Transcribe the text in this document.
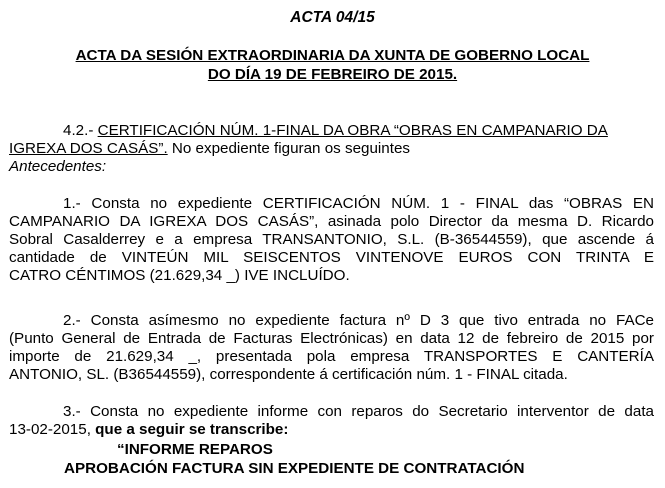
ACTA 04/15
ACTA DA SESIÓN EXTRAORDINARIA DA XUNTA DE GOBERNO LOCAL
DO DÍA 19 DE FEBREIRO DE 2015.
4.2.- CERTIFICACIÓN NÚM. 1-FINAL DA OBRA “OBRAS EN CAMPANARIO DA
IGREXA DOS CASÁS”. No expediente figuran os seguintes
Antecedentes:
1.- Consta no expediente CERTIFICACIÓN NÚM. 1 - FINAL das “OBRAS EN
CAMPANARIO DA IGREXA DOS CASÁS”, asinada polo Director da mesma D. Ricardo
Sobral Casalderrey e a empresa TRANSANTONIO, S.L. (B-36544559), que ascende á
cantidade de VINTEÚN MIL SEISCENTOS VINTENOVE EUROS CON TRINTA E
CATRO CÉNTIMOS (21.629,34 _) IVE INCLUÍDO.
2.- Consta asímesmo no expediente factura nº D 3 que tivo entrada no FACe
(Punto General de Entrada de Facturas Electrónicas) en data 12 de febreiro de 2015 por
importe de 21.629,34 _, presentada pola empresa TRANSPORTES E CANTERÍA
ANTONIO, SL. (B36544559), correspondente á certificación núm. 1 - FINAL citada.
3.- Consta no expediente informe con reparos do Secretario interventor de data
13-02-2015, que a seguir se transcribe:
“INFORME REPAROS
APROBACIÓN FACTURA SIN EXPEDIENTE DE CONTRATACIÓN
